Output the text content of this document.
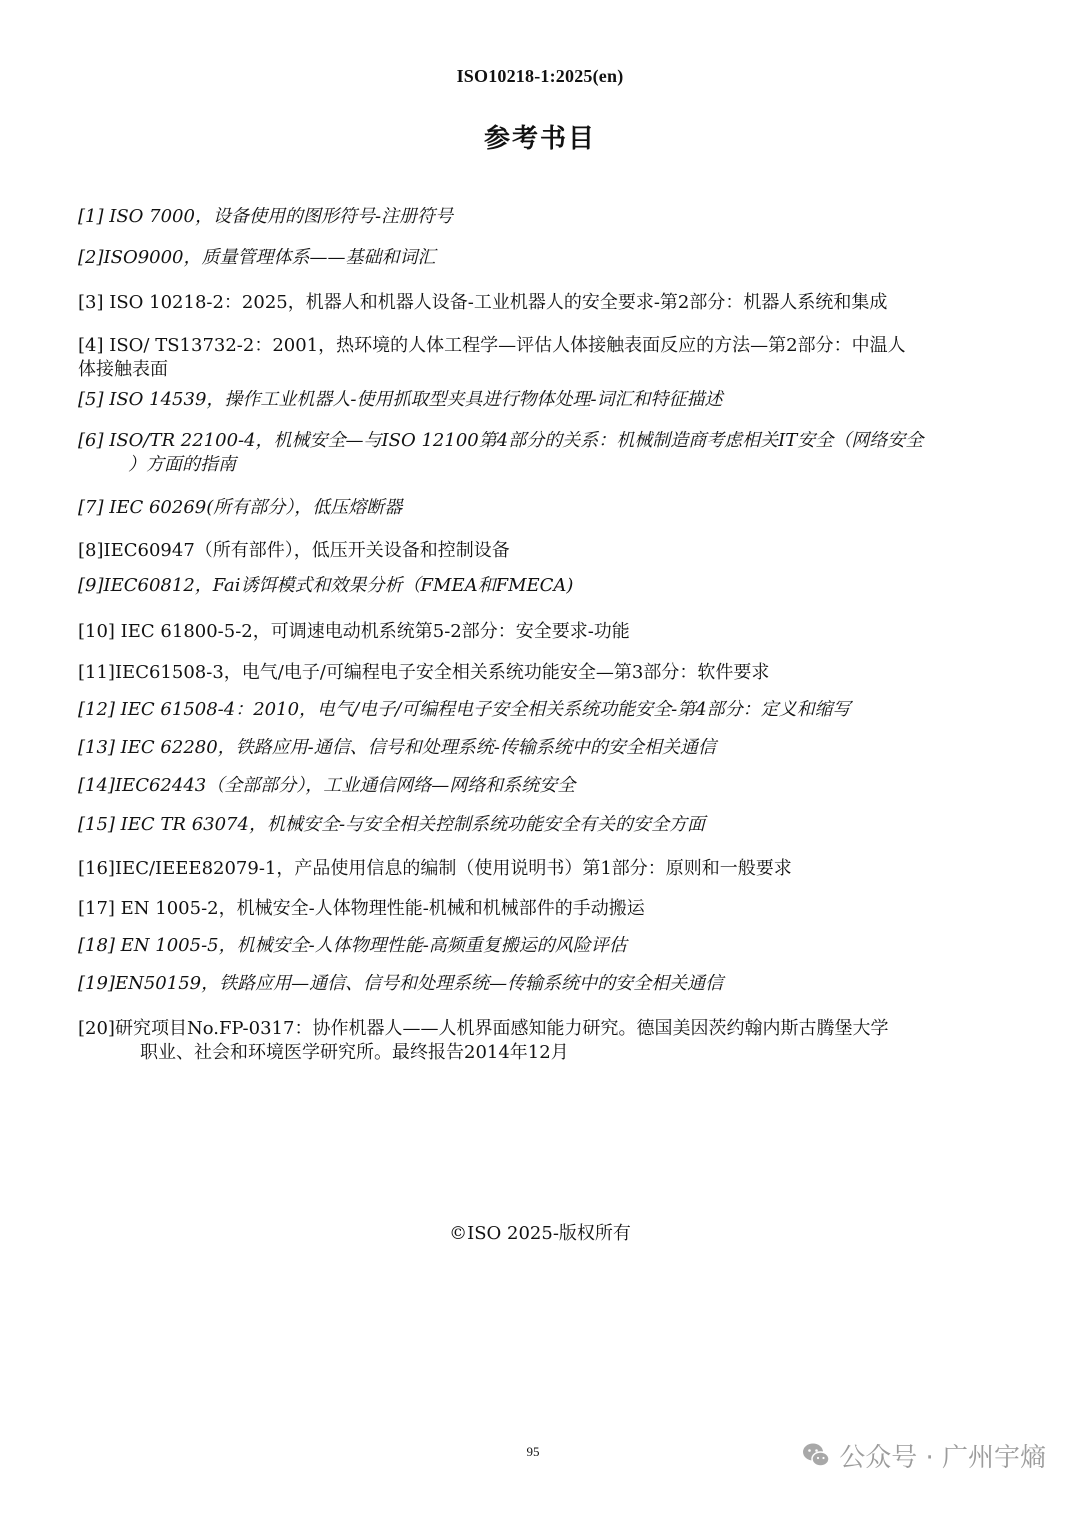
ISO10218-1:2025(en)
参考书目
[1] ISO 7000，设备使用的图形符号-注册符号
[2]ISO9000，质量管理体系——基础和词汇
[3] ISO 10218-2：2025，机器人和机器人设备-工业机器人的安全要求-第2部分：机器人系统和集成
[4] ISO/ TS13732-2：2001，热环境的人体工程学—评估人体接触表面反应的方法—第2部分：中温人
体接触表面
[5] ISO 14539，操作工业机器人-使用抓取型夹具进行物体处理-词汇和特征描述
[6] ISO/TR 22100-4，机械安全—与ISO 12100第4部分的关系：机械制造商考虑相关IT安全（网络安全
）方面的指南
[7] IEC 60269(所有部分），低压熔断器
[8]IEC60947（所有部件），低压开关设备和控制设备
[9]IEC60812，Fai诱饵模式和效果分析（FMEA和FMECA)
[10] IEC 61800-5-2，可调速电动机系统第5-2部分：安全要求-功能
[11]IEC61508-3，电气/电子/可编程电子安全相关系统功能安全—第3部分：软件要求
[12] IEC 61508-4：2010，电气/电子/可编程电子安全相关系统功能安全-第4部分：定义和缩写
[13] IEC 62280，铁路应用-通信、信号和处理系统-传输系统中的安全相关通信
[14]IEC62443（全部部分），工业通信网络—网络和系统安全
[15] IEC TR 63074，机械安全-与安全相关控制系统功能安全有关的安全方面
[16]IEC/IEEE82079-1，产品使用信息的编制（使用说明书）第1部分：原则和一般要求
[17] EN 1005-2，机械安全-人体物理性能-机械和机械部件的手动搬运
[18] EN 1005-5，机械安全-人体物理性能-高频重复搬运的风险评估
[19]EN50159，铁路应用—通信、信号和处理系统—传输系统中的安全相关通信
[20]研究项目No.FP-0317：协作机器人——人机界面感知能力研究。德国美因茨约翰内斯古腾堡大学
职业、社会和环境医学研究所。最终报告2014年12月
©ISO 2025-版权所有
95	公众号 · 广州宇熵
